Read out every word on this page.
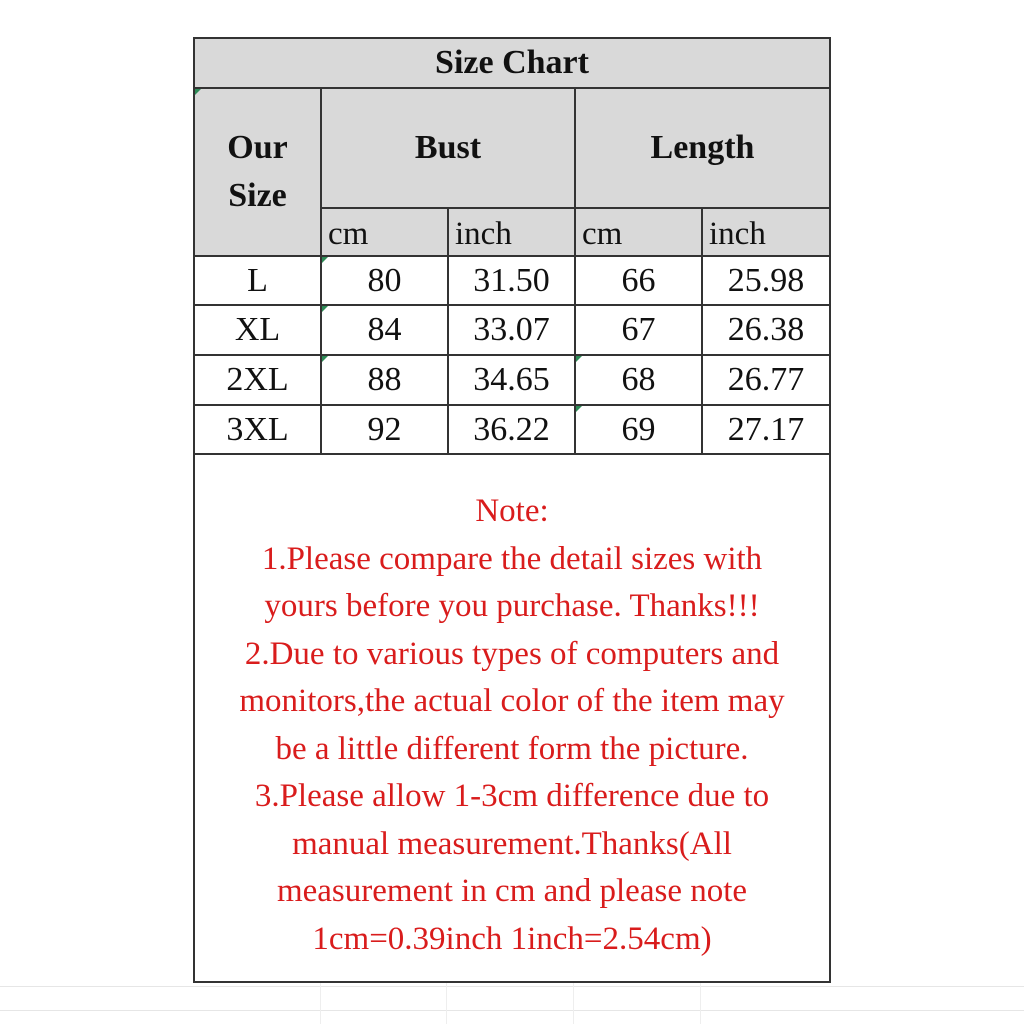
Size Chart
Our
Size
Bust	Length
cm	inch	cm	inch
L	80	31.50	66	25.98
XL	84	33.07	67	26.38
2XL	88	34.65	68	26.77
3XL	92	36.22	69	27.17
Note:
1.Please compare the detail sizes with
yours before you purchase. Thanks!!!
2.Due to various types of computers and
monitors,the actual color of the item may
be a little different form the picture.
3.Please allow 1-3cm difference due to
manual measurement.Thanks(All
measurement in cm and please note
1cm=0.39inch 1inch=2.54cm)
